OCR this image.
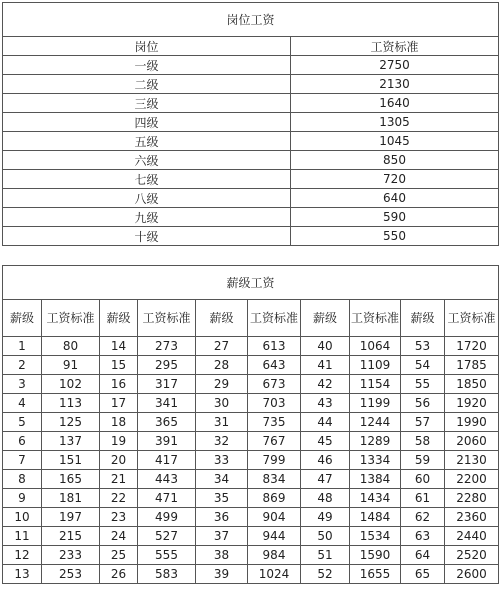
岗位工资	
岗位	工资标准
一级	2750
二级	2130
三级	1640
四级	1305
五级	1045
六级	850
七级	720
八级	640
九级	590
十级	550
薪级工资									
薪级	工资标准	薪级	工资标准	薪级	工资标准	薪级	工资标准	薪级	工资标准
1	80	14	273	27	613	40	1064	53	1720
2	91	15	295	28	643	41	1109	54	1785
3	102	16	317	29	673	42	1154	55	1850
4	113	17	341	30	703	43	1199	56	1920
5	125	18	365	31	735	44	1244	57	1990
6	137	19	391	32	767	45	1289	58	2060
7	151	20	417	33	799	46	1334	59	2130
8	165	21	443	34	834	47	1384	60	2200
9	181	22	471	35	869	48	1434	61	2280
10	197	23	499	36	904	49	1484	62	2360
11	215	24	527	37	944	50	1534	63	2440
12	233	25	555	38	984	51	1590	64	2520
13	253	26	583	39	1024	52	1655	65	2600
